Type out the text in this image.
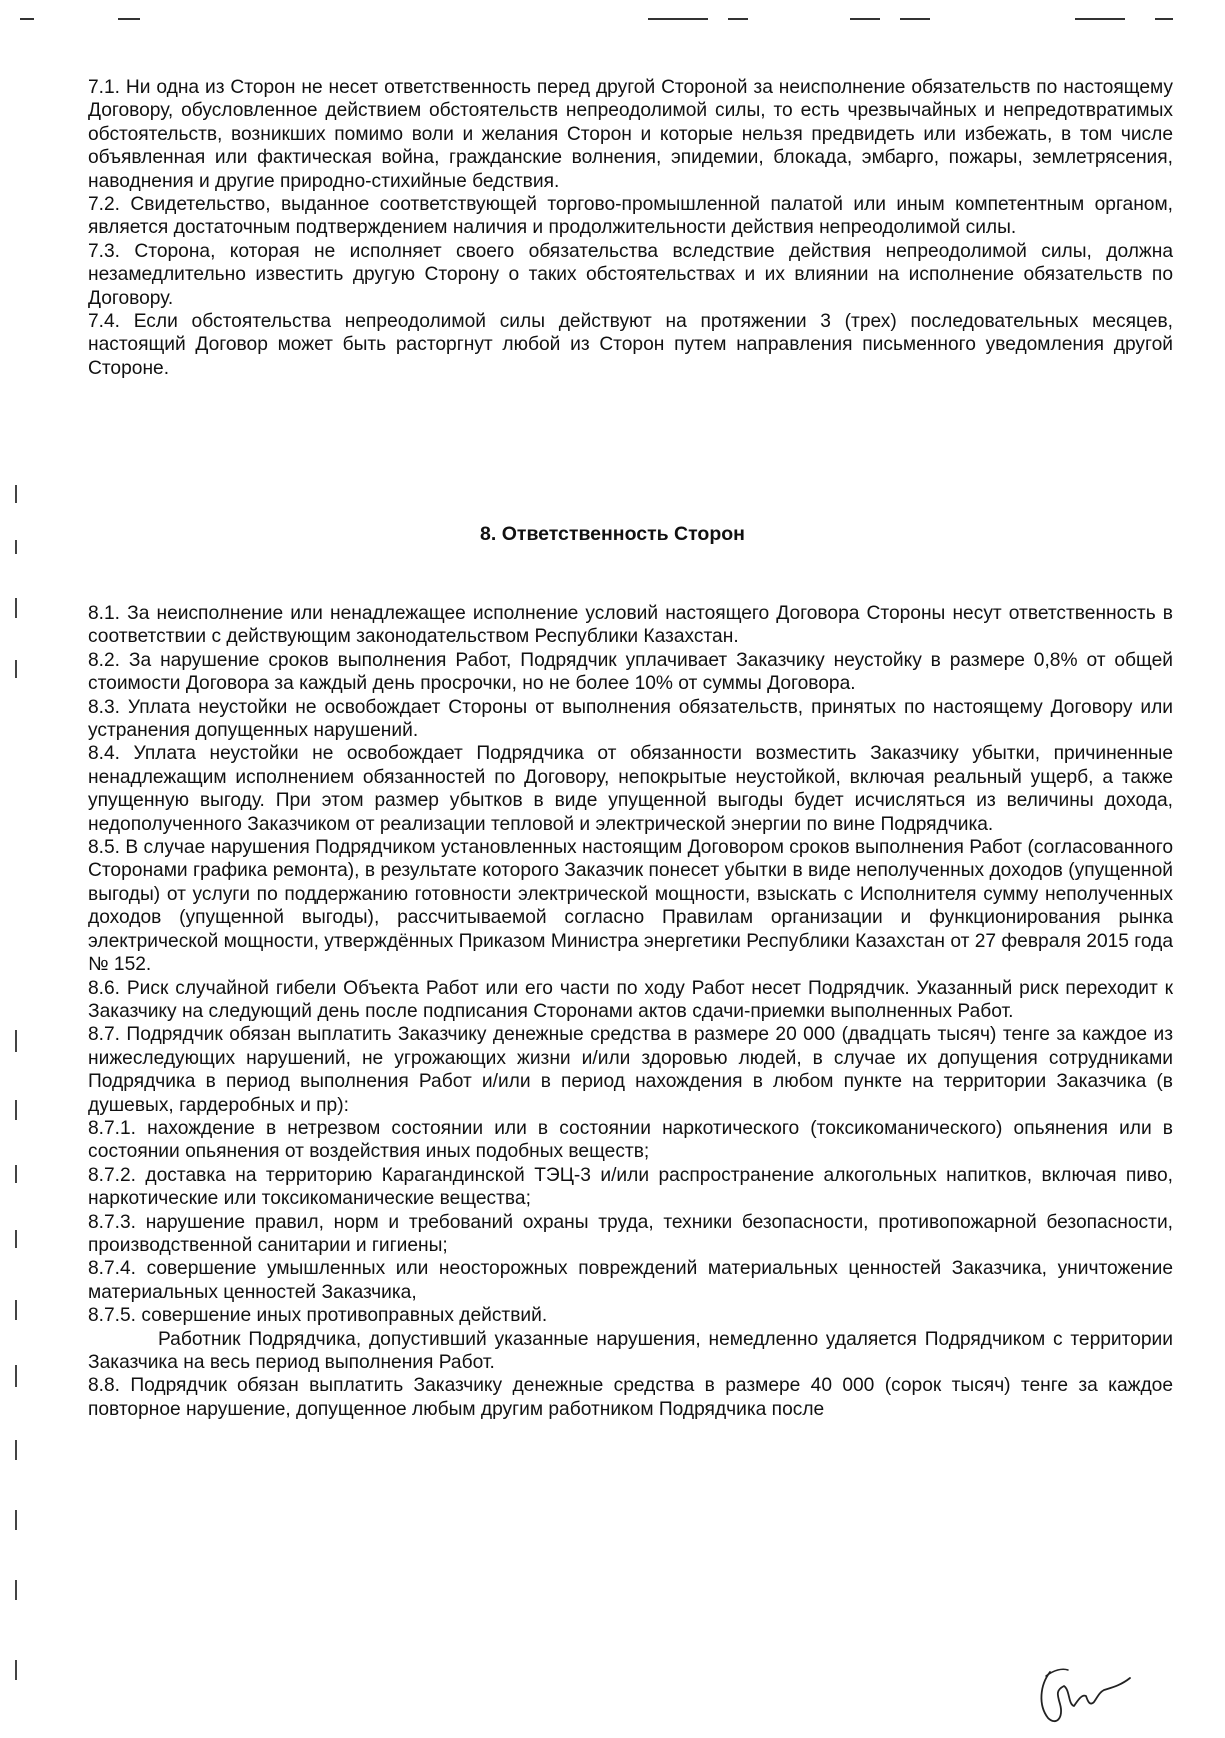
7.1. Ни одна из Сторон не несет ответственность перед другой Стороной за неисполнение обязательств по настоящему Договору, обусловленное действием обстоятельств непреодолимой силы, то есть чрезвычайных и непредотвратимых обстоятельств, возникших помимо воли и желания Сторон и которые нельзя предвидеть или избежать, в том числе объявленная или фактическая война, гражданские волнения, эпидемии, блокада, эмбарго, пожары, землетрясения, наводнения и другие природно-стихийные бедствия.

7.2. Свидетельство, выданное соответствующей торгово-промышленной палатой или иным компетентным органом, является достаточным подтверждением наличия и продолжительности действия непреодолимой силы.

7.3. Сторона, которая не исполняет своего обязательства вследствие действия непреодолимой силы, должна незамедлительно известить другую Сторону о таких обстоятельствах и их влиянии на исполнение обязательств по Договору.

7.4. Если обстоятельства непреодолимой силы действуют на протяжении 3 (трех) последовательных месяцев, настоящий Договор может быть расторгнут любой из Сторон путем направления письменного уведомления другой Стороне.

8. Ответственность Сторон

8.1. За неисполнение или ненадлежащее исполнение условий настоящего Договора Стороны несут ответственность в соответствии с действующим законодательством Республики Казахстан.

8.2. За нарушение сроков выполнения Работ, Подрядчик уплачивает Заказчику неустойку в размере 0,8% от общей стоимости Договора за каждый день просрочки, но не более 10% от суммы Договора.

8.3. Уплата неустойки не освобождает Стороны от выполнения обязательств, принятых по настоящему Договору или устранения допущенных нарушений.

8.4. Уплата неустойки не освобождает Подрядчика от обязанности возместить Заказчику убытки, причиненные ненадлежащим исполнением обязанностей по Договору, непокрытые неустойкой, включая реальный ущерб, а также упущенную выгоду. При этом размер убытков в виде упущенной выгоды будет исчисляться из величины дохода, недополученного Заказчиком от реализации тепловой и электрической энергии по вине Подрядчика.

8.5. В случае нарушения Подрядчиком установленных настоящим Договором сроков выполнения Работ (согласованного Сторонами графика ремонта), в результате которого Заказчик понесет убытки в виде неполученных доходов (упущенной выгоды) от услуги по поддержанию готовности электрической мощности, взыскать с Исполнителя сумму неполученных доходов (упущенной выгоды), рассчитываемой согласно Правилам организации и функционирования рынка электрической мощности, утверждённых Приказом Министра энергетики Республики Казахстан от 27 февраля 2015 года № 152.

8.6. Риск случайной гибели Объекта Работ или его части по ходу Работ несет Подрядчик. Указанный риск переходит к Заказчику на следующий день после подписания Сторонами актов сдачи-приемки выполненных Работ.

8.7. Подрядчик обязан выплатить Заказчику денежные средства в размере 20 000 (двадцать тысяч) тенге за каждое из нижеследующих нарушений, не угрожающих жизни и/или здоровью людей, в случае их допущения сотрудниками Подрядчика в период выполнения Работ и/или в период нахождения в любом пункте на территории Заказчика (в душевых, гардеробных и пр):

8.7.1. нахождение в нетрезвом состоянии или в состоянии наркотического (токсикоманического) опьянения или в состоянии опьянения от воздействия иных подобных веществ;

8.7.2. доставка на территорию Карагандинской ТЭЦ-3 и/или распространение алкогольных напитков, включая пиво, наркотические или токсикоманические вещества;

8.7.3. нарушение правил, норм и требований охраны труда, техники безопасности, противопожарной безопасности, производственной санитарии и гигиены;

8.7.4. совершение умышленных или неосторожных повреждений материальных ценностей Заказчика, уничтожение материальных ценностей Заказчика,

8.7.5. совершение иных противоправных действий.

Работник Подрядчика, допустивший указанные нарушения, немедленно удаляется Подрядчиком с территории Заказчика на весь период выполнения Работ.

8.8. Подрядчик обязан выплатить Заказчику денежные средства в размере 40 000 (сорок тысяч) тенге за каждое повторное нарушение, допущенное любым другим работником Подрядчика после
